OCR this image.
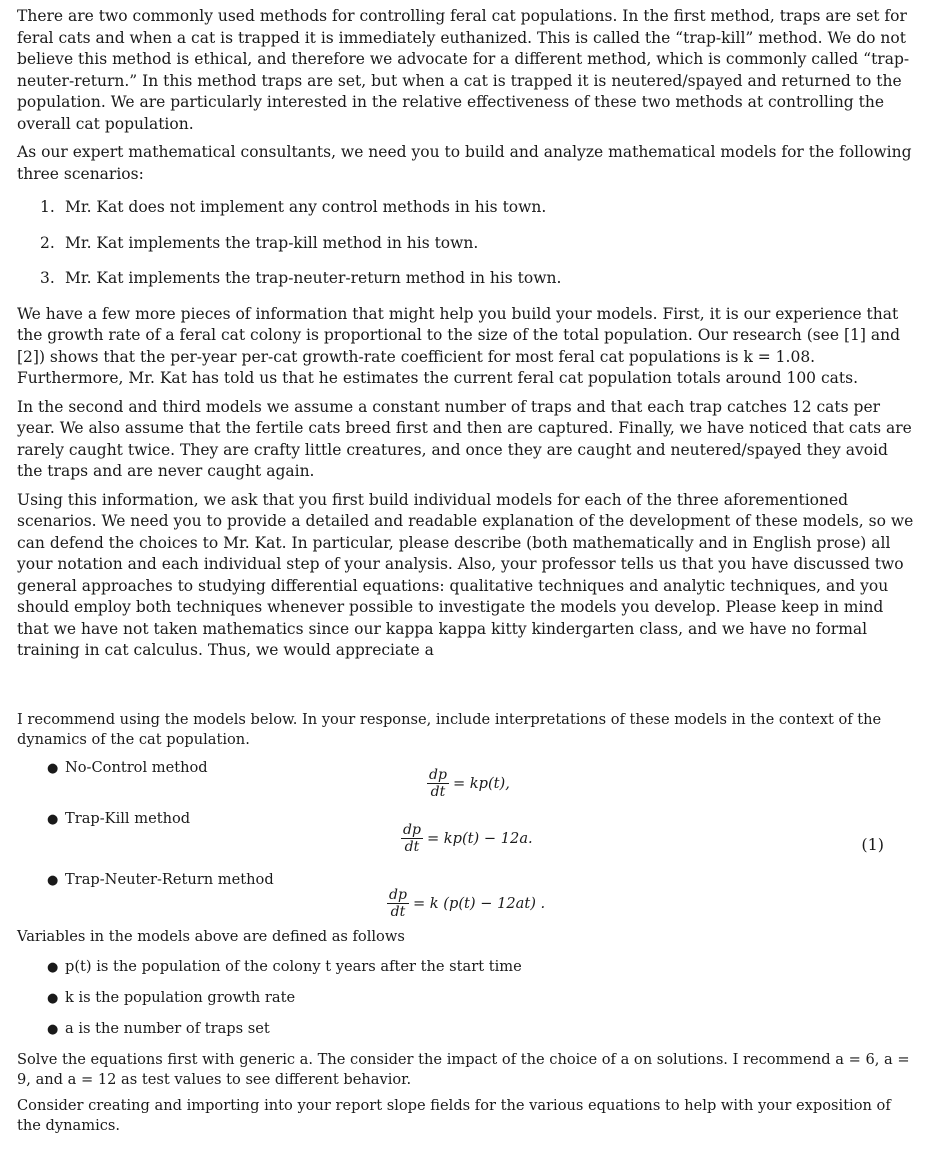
There are two commonly used methods for controlling feral cat populations. In the first method, traps are set for feral cats and when a cat is trapped it is immediately euthanized. This is called the “trap-kill” method. We do not believe this method is ethical, and therefore we advocate for a different method, which is commonly called “trap-neuter-return.” In this method traps are set, but when a cat is trapped it is neutered/spayed and returned to the population. We are particularly interested in the relative effectiveness of these two methods at controlling the overall cat population.

As our expert mathematical consultants, we need you to build and analyze mathematical models for the following three scenarios:

1. Mr. Kat does not implement any control methods in his town.
2. Mr. Kat implements the trap-kill method in his town.
3. Mr. Kat implements the trap-neuter-return method in his town.

We have a few more pieces of information that might help you build your models. First, it is our experience that the growth rate of a feral cat colony is proportional to the size of the total population. Our research (see [1] and [2]) shows that the per-year per-cat growth-rate coefficient for most feral cat populations is k = 1.08. Furthermore, Mr. Kat has told us that he estimates the current feral cat population totals around 100 cats.

In the second and third models we assume a constant number of traps and that each trap catches 12 cats per year. We also assume that the fertile cats breed first and then are captured. Finally, we have noticed that cats are rarely caught twice. They are crafty little creatures, and once they are caught and neutered/spayed they avoid the traps and are never caught again.

Using this information, we ask that you first build individual models for each of the three aforementioned scenarios. We need you to provide a detailed and readable explanation of the development of these models, so we can defend the choices to Mr. Kat. In particular, please describe (both mathematically and in English prose) all your notation and each individual step of your analysis. Also, your professor tells us that you have discussed two general approaches to studying differential equations: qualitative techniques and analytic techniques, and you should employ both techniques whenever possible to investigate the models you develop. Please keep in mind that we have not taken mathematics since our kappa kappa kitty kindergarten class, and we have no formal training in cat calculus. Thus, we would appreciate a

I recommend using the models below. In your response, include interpretations of these models in the context of the dynamics of the cat population.

● No-Control method	$\frac{dp}{dt} = kp(t)$,
● Trap-Kill method
$\frac{dp}{dt} = kp(t) - 12a$.	(1)
● Trap-Neuter-Return method
$\frac{dp}{dt} = k$ (p(t) − 12at) .

Variables in the models above are defined as follows

● p(t) is the population of the colony t years after the start time
● k is the population growth rate
● a is the number of traps set

Solve the equations first with generic a. The consider the impact of the choice of a on solutions. I recommend a = 6, a = 9, and a = 12 as test values to see different behavior.

Consider creating and importing into your report slope fields for the various equations to help with your exposition of the dynamics.
